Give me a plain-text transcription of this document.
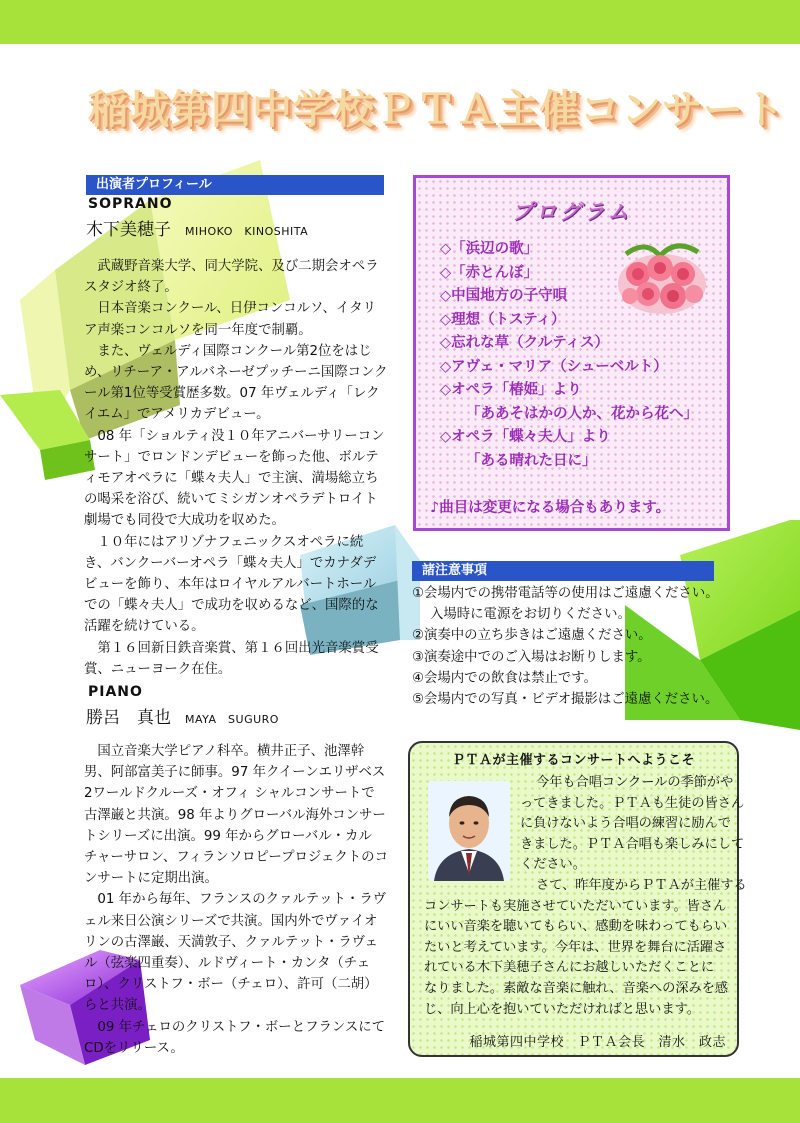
稲城第四中学校ＰＴＡ主催コンサート
出演者プロフィール
SOPRANO
木下美穂子 MIHOKO　KINOSHITA

武蔵野音楽大学、同大学院、及び二期会オペラスタジオ終了。

日本音楽コンクール、日伊コンコルソ、イタリア声楽コンコルソを同一年度で制覇。

また、ヴェルディ国際コンクール第2位をはじめ、リチーア・アルバネーゼプッチーニ国際コンクール第1位等受賞歴多数。07 年ヴェルディ「レクイエム」でアメリカデビュー。

08 年「ショルティ没１０年アニバーサリーコンサート」でロンドンデビューを飾った他、ボルティモアオペラに「蝶々夫人」で主演、満場総立ちの喝采を浴び、続いてミシガンオペラデトロイト劇場でも同役で大成功を収めた。

１０年にはアリゾナフェニックスオペラに続き、バンクーバーオペラ「蝶々夫人」でカナダデビューを飾り、本年はロイヤルアルバートホールでの「蝶々夫人」で成功を収めるなど、国際的な活躍を続けている。

第１６回新日鉄音楽賞、第１６回出光音楽賞受賞、ニューヨーク在住。

PIANO
勝呂　真也 MAYA　SUGURO

国立音楽大学ピアノ科卒。横井正子、池澤幹男、阿部富美子に師事。97 年クイーンエリザベス2ワールドクルーズ・オフィ シャルコンサートで古澤巌と共演。98 年よりグローバル海外コンサートシリーズに出演。99 年からグローバル・カル チャーサロン、フィランソロピープロジェクトのコンサートに定期出演。

01 年から毎年、フランスのクァルテット・ラヴェル来日公演シリーズで共演。国内外でヴァイオリンの古澤巌、天満敦子、クァルテット・ラヴェル（弦楽四重奏）、ルドヴィート・カンタ（チェロ）、クリストフ・ボー（チェロ）、許可（二胡）らと共演。

09 年チェロのクリストフ・ボーとフランスにてCDをリリース。

プログラム
◇「浜辺の歌」
◇「赤とんぼ」
◇中国地方の子守唄
◇理想（トスティ）
◇忘れな草（クルティス）
◇アヴェ・マリア（シューベルト）
◇オペラ「椿姫」より
「ああそはかの人か、花から花へ」
◇オペラ「蝶々夫人」より
「ある晴れた日に」
♪曲目は変更になる場合もあります。
諸注意事項
①会場内での携帯電話等の使用はご遠慮ください。入場時に電源をお切りください。
②演奏中の立ち歩きはご遠慮ください。
③演奏途中でのご入場はお断りします。
④会場内での飲食は禁止です。
⑤会場内での写真・ビデオ撮影はご遠慮ください。
ＰＴＡが主催するコンサートへようこそ
今年も合唱コンクールの季節がや
ってきました。ＰＴＡも生徒の皆さん
に負けないよう合唱の練習に励んで
きました。ＰＴＡ合唱も楽しみにして
ください。
さて、昨年度からＰＴＡが主催する
コンサートも実施させていただいています。皆さん
にいい音楽を聴いてもらい、感動を味わってもらい
たいと考えています。今年は、世界を舞台に活躍さ
れている木下美穂子さんにお越しいただくことに
なりました。素敵な音楽に触れ、音楽への深みを感
じ、向上心を抱いていただければと思います。
稲城第四中学校　ＰＴＡ会長　清水　政志
